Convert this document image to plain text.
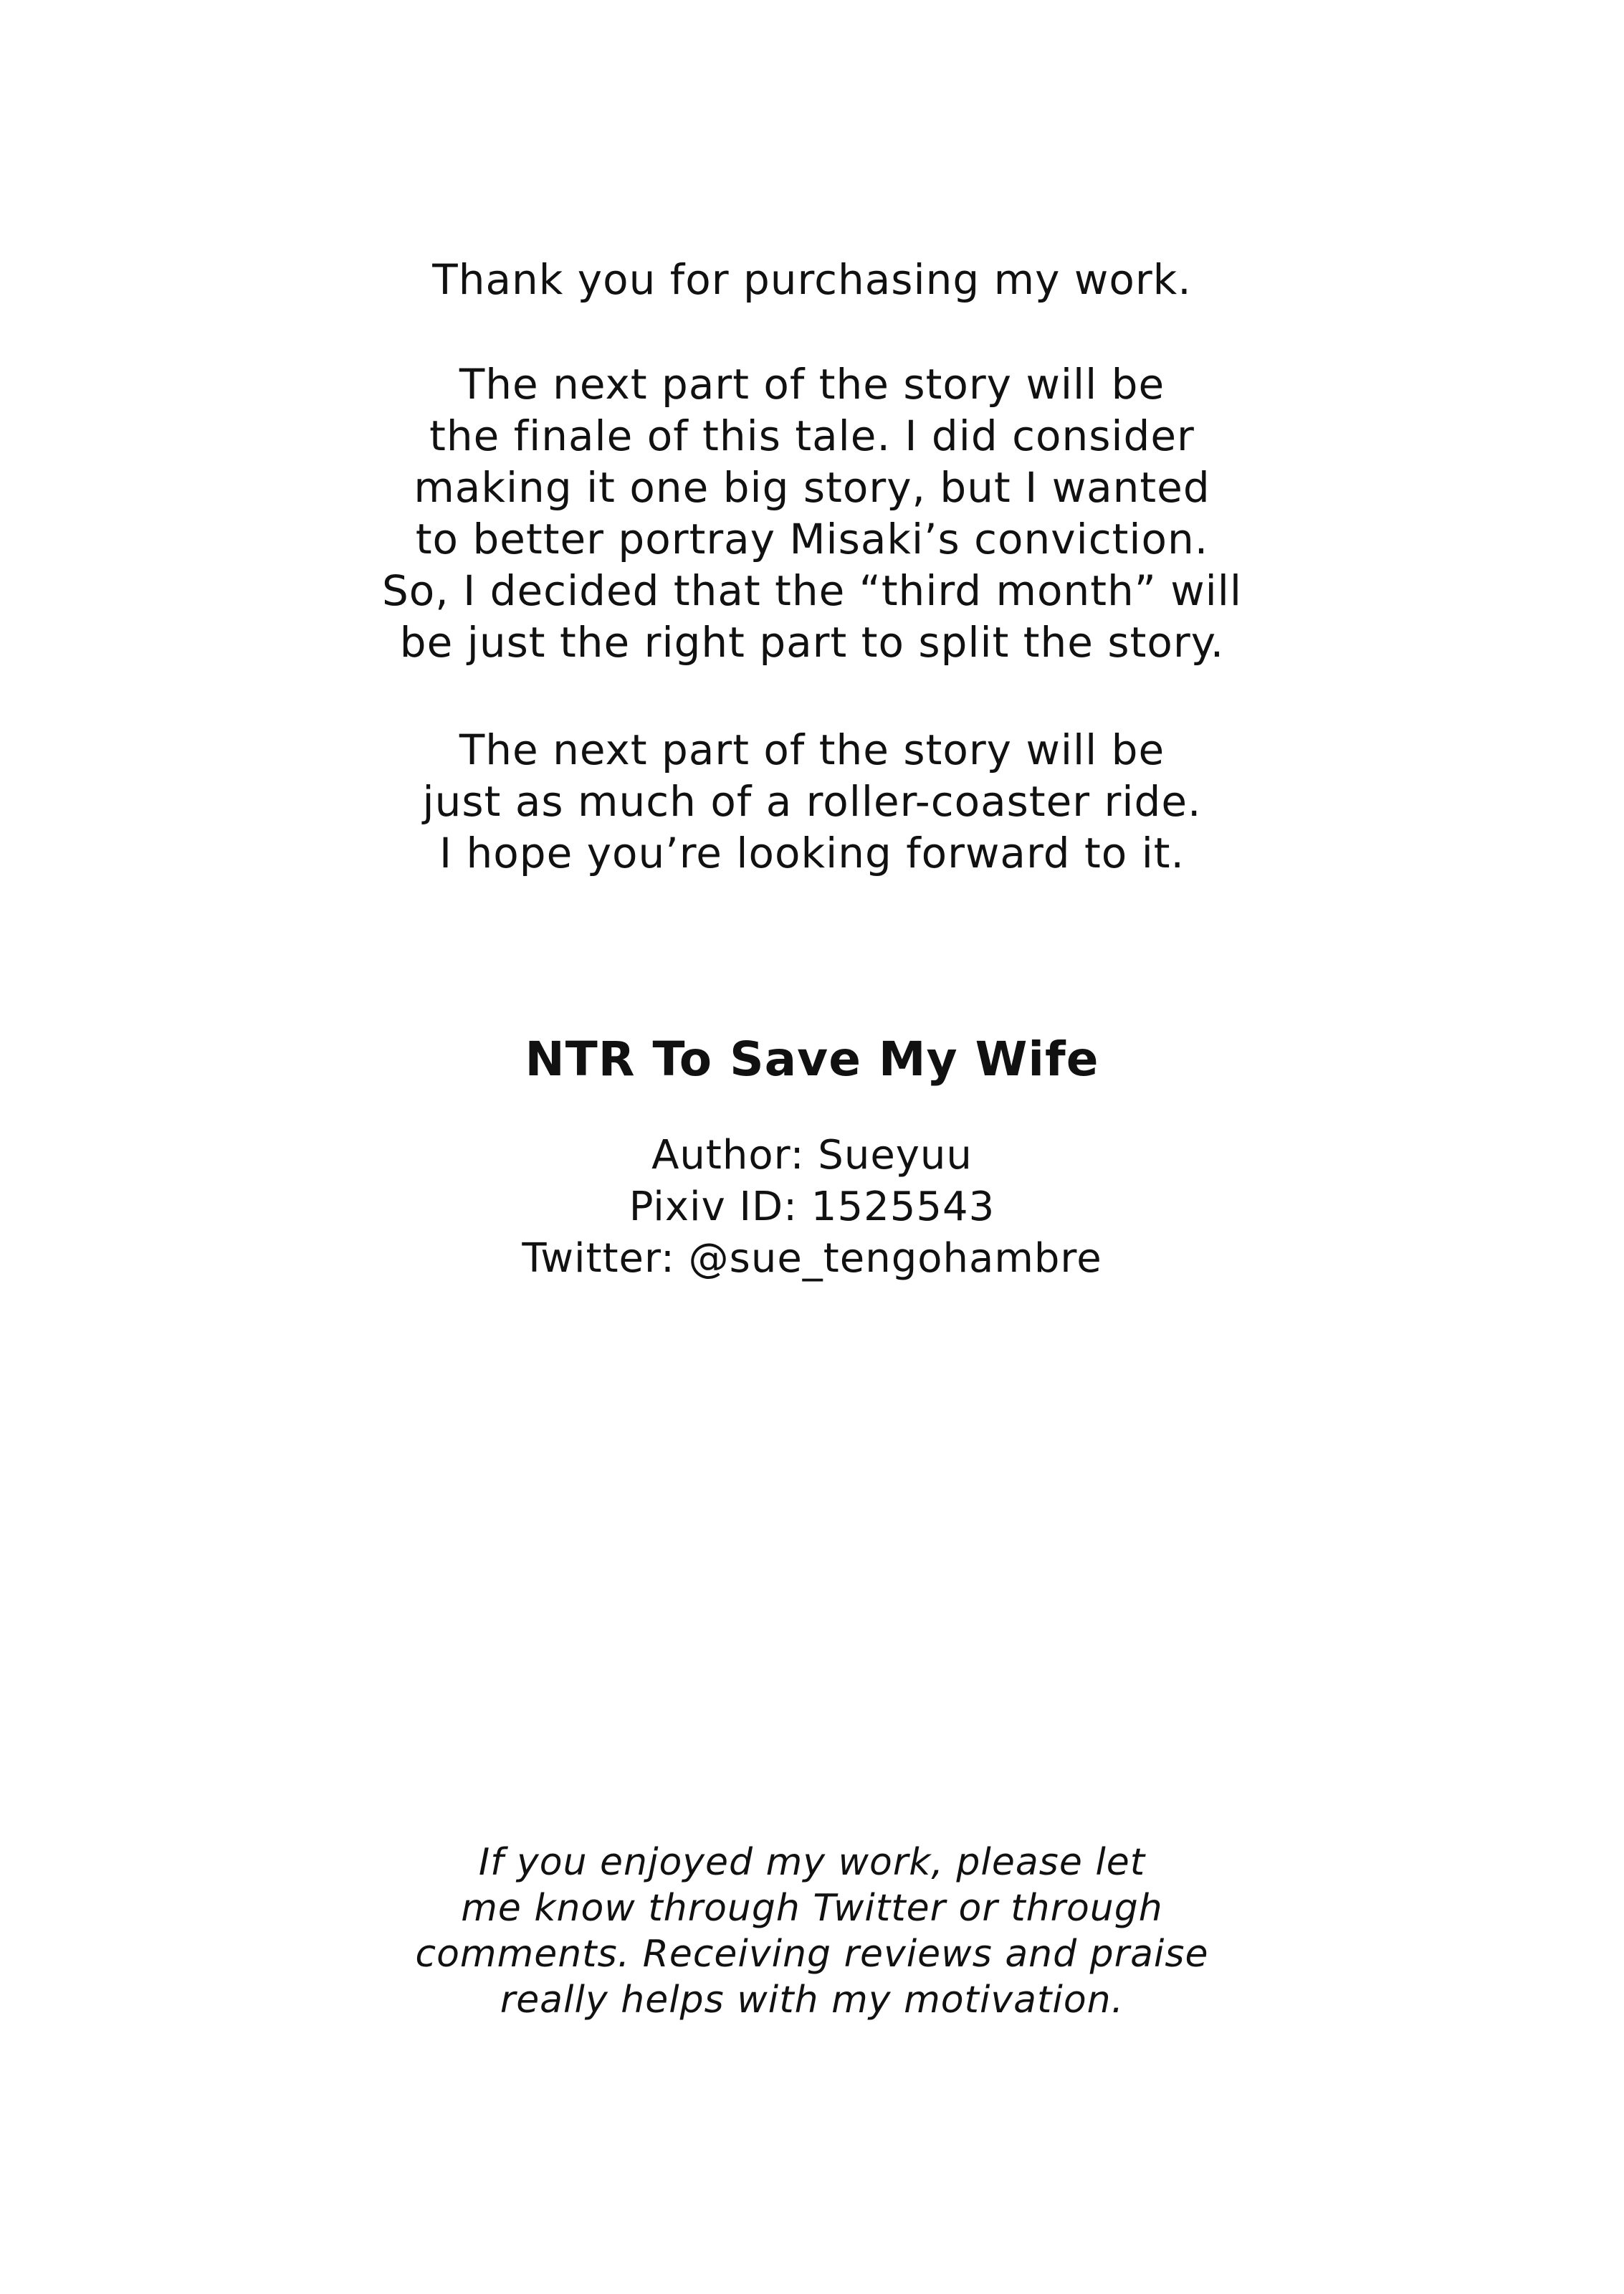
Thank you for purchasing my work.
The next part of the story will be
the finale of this tale. I did consider
making it one big story, but I wanted
to better portray Misaki’s conviction.
So, I decided that the “third month” will
be just the right part to split the story.
The next part of the story will be
just as much of a roller-coaster ride.
I hope you’re looking forward to it.
NTR To Save My Wife
Author: Sueyuu
Pixiv ID: 1525543
Twitter: @sue_tengohambre
If you enjoyed my work, please let
me know through Twitter or through
comments. Receiving reviews and praise
really helps with my motivation.
